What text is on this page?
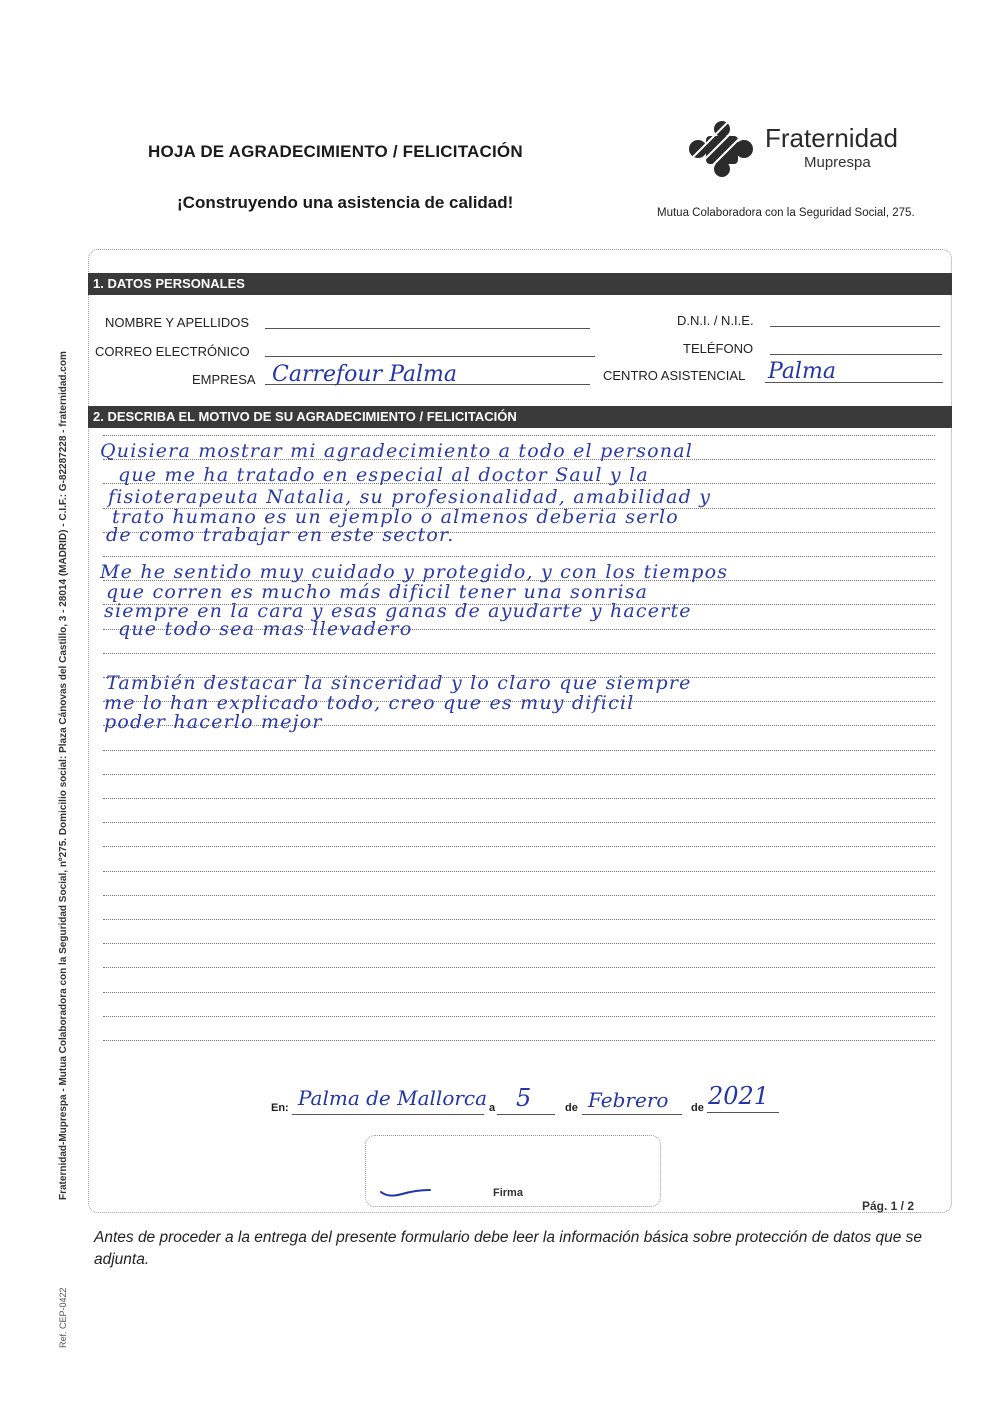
HOJA DE AGRADECIMIENTO / FELICITACIÓN
¡Construyendo una asistencia de calidad!
Fraternidad
Muprespa
Mutua Colaboradora con la Seguridad Social, 275.
1. DATOS PERSONALES
NOMBRE Y APELLIDOS	D.N.I. / N.I.E.
CORREO ELECTRÓNICO	TELÉFONO
EMPRESA Carrefour Palma	CENTRO ASISTENCIAL Palma
2. DESCRIBA EL MOTIVO DE SU AGRADECIMIENTO / FELICITACIÓN
Quisiera mostrar mi agradecimiento a todo el personal
que me ha tratado en especial al doctor Saul y la
fisioterapeuta Natalia, su profesionalidad, amabilidad y
trato humano es un ejemplo o almenos deberia serlo
de como trabajar en este sector.
Me he sentido muy cuidado y protegido, y con los tiempos
que corren es mucho más dificil tener una sonrisa
siempre en la cara y esas ganas de ayudarte y hacerte
que todo sea mas llevadero
También destacar la sinceridad y lo claro que siempre
me lo han explicado todo, creo que es muy dificil
poder hacerlo mejor
En: Palma de Mallorca a 5	de Febrero de 2021
Firma
Pág. 1 / 2
Antes de proceder a la entrega del presente formulario debe leer la información básica sobre protección de datos que se adjunta.
Fraternidad-Muprespa - Mutua Colaboradora con la Seguridad Social, nº275. Domicilio social: Plaza Cánovas del Castillo, 3 - 28014 (MADRID) - C.I.F.: G-82287228 - fraternidad.com
Ref. CEP-0422
